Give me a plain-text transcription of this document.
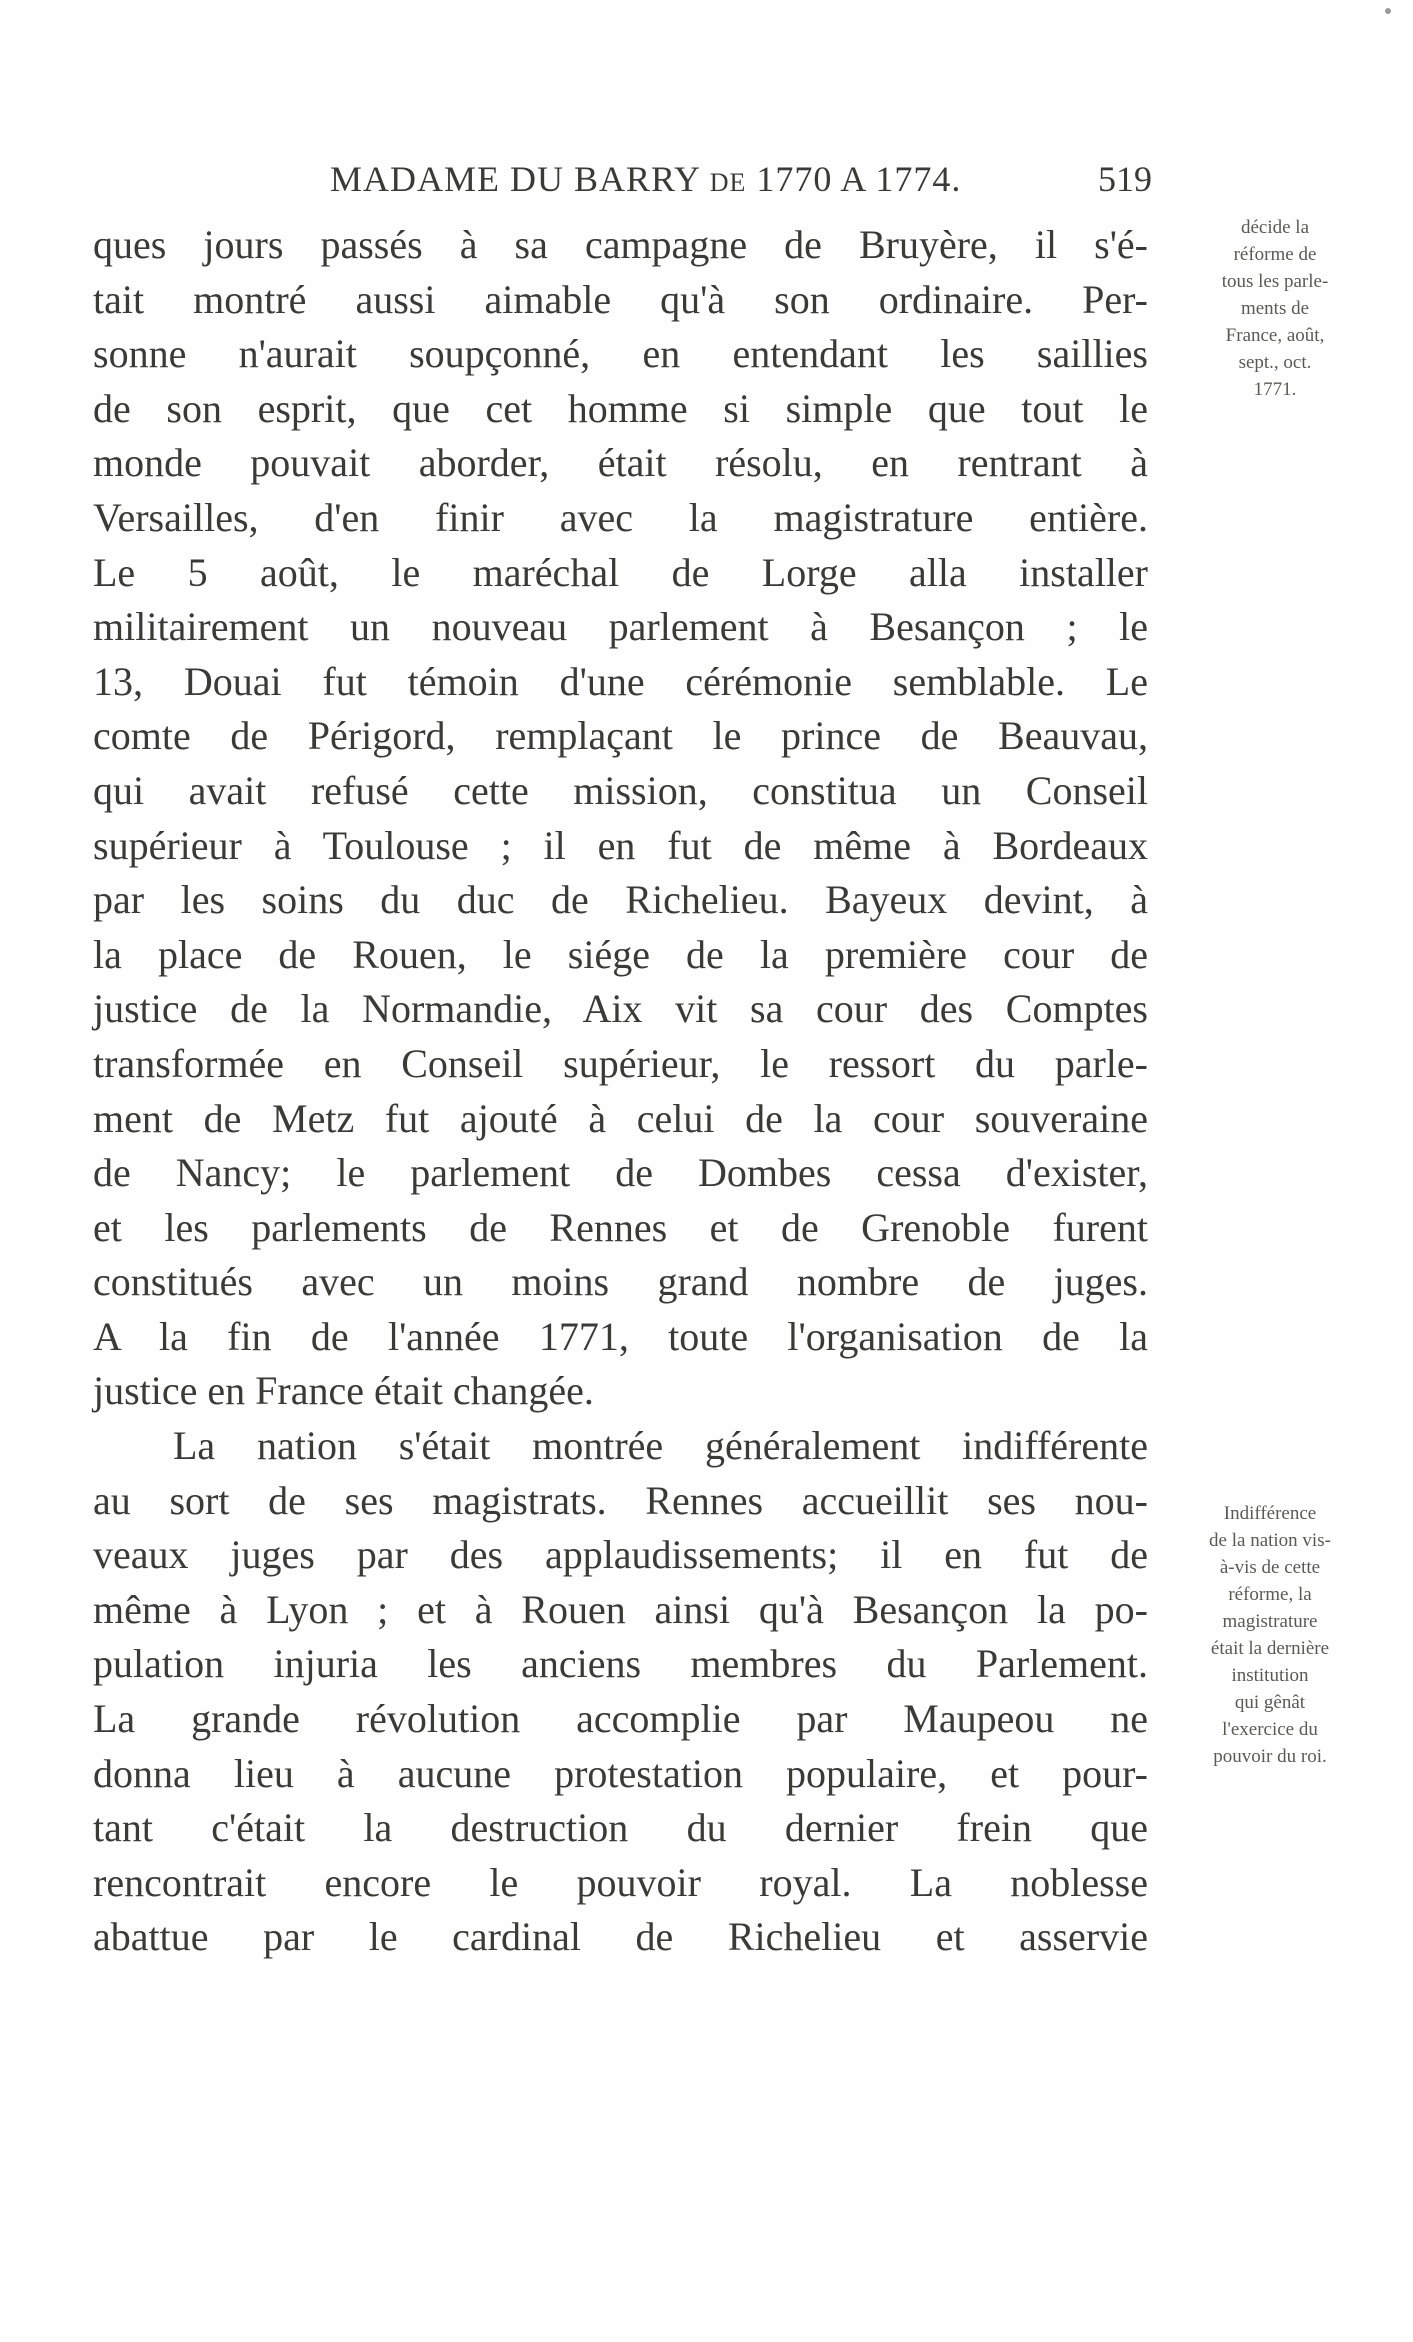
MADAME DU BARRY DE 1770 A 1774.	519
ques jours passés à sa campagne de Bruyère, il s'é-
tait montré aussi aimable qu'à son ordinaire. Per-
sonne n'aurait soupçonné, en entendant les saillies
de son esprit, que cet homme si simple que tout le
monde pouvait aborder, était résolu, en rentrant à
Versailles, d'en finir avec la magistrature entière.
Le 5 août, le maréchal de Lorge alla installer
militairement un nouveau parlement à Besançon ; le
13, Douai fut témoin d'une cérémonie semblable. Le
comte de Périgord, remplaçant le prince de Beauvau,
qui avait refusé cette mission, constitua un Conseil
supérieur à Toulouse ; il en fut de même à Bordeaux
par les soins du duc de Richelieu. Bayeux devint, à
la place de Rouen, le siége de la première cour de
justice de la Normandie, Aix vit sa cour des Comptes
transformée en Conseil supérieur, le ressort du parle-
ment de Metz fut ajouté à celui de la cour souveraine
de Nancy; le parlement de Dombes cessa d'exister,
et les parlements de Rennes et de Grenoble furent
constitués avec un moins grand nombre de juges.
A la fin de l'année 1771, toute l'organisation de la
justice en France était changée.
La nation s'était montrée généralement indifférente
au sort de ses magistrats. Rennes accueillit ses nou-
veaux juges par des applaudissements; il en fut de
même à Lyon ; et à Rouen ainsi qu'à Besançon la po-
pulation injuria les anciens membres du Parlement.
La grande révolution accomplie par Maupeou ne
donna lieu à aucune protestation populaire, et pour-
tant c'était la destruction du dernier frein que
rencontrait encore le pouvoir royal. La noblesse
abattue par le cardinal de Richelieu et asservie
décide la
réforme de
tous les parle-
ments de
France, août,
sept., oct.
1771.
Indifférence
de la nation vis-
à-vis de cette
réforme, la
magistrature
était la dernière
institution
qui gênât
l'exercice du
pouvoir du roi.
